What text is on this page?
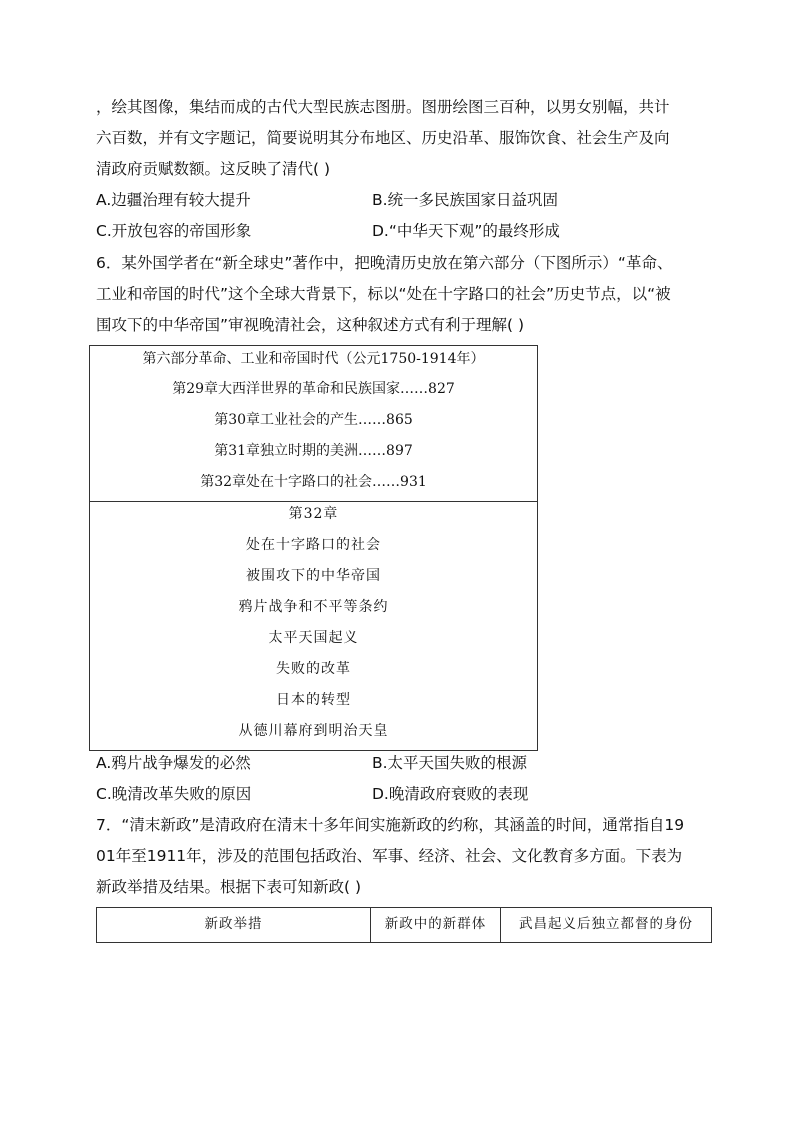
，绘其图像，集结而成的古代大型民族志图册。图册绘图三百种，以男女别幅，共计
六百数，并有文字题记，简要说明其分布地区、历史沿革、服饰饮食、社会生产及向
清政府贡赋数额。这反映了清代( )
A.边疆治理有较大提升	B.统一多民族国家日益巩固
C.开放包容的帝国形象	D.“中华天下观”的最终形成
6．某外国学者在“新全球史”著作中，把晚清历史放在第六部分（下图所示）“革命、
工业和帝国的时代”这个全球大背景下，标以“处在十字路口的社会”历史节点，以“被
围攻下的中华帝国”审视晚清社会，这种叙述方式有利于理解( )
第六部分革命、工业和帝国时代（公元1750-1914年）
第29章大西洋世界的革命和民族国家……827
第30章工业社会的产生……865
第31章独立时期的美洲……897
第32章处在十字路口的社会……931
第32章
处在十字路口的社会
被围攻下的中华帝国
鸦片战争和不平等条约
太平天国起义
失败的改革
日本的转型
从德川幕府到明治天皇
A.鸦片战争爆发的必然	B.太平天国失败的根源
C.晚清改革失败的原因	D.晚清政府衰败的表现
7．“清末新政”是清政府在清末十多年间实施新政的约称，其涵盖的时间，通常指自19
01年至1911年，涉及的范围包括政治、军事、经济、社会、文化教育多方面。下表为
新政举措及结果。根据下表可知新政( )
新政举措	新政中的新群体	武昌起义后独立都督的身份
